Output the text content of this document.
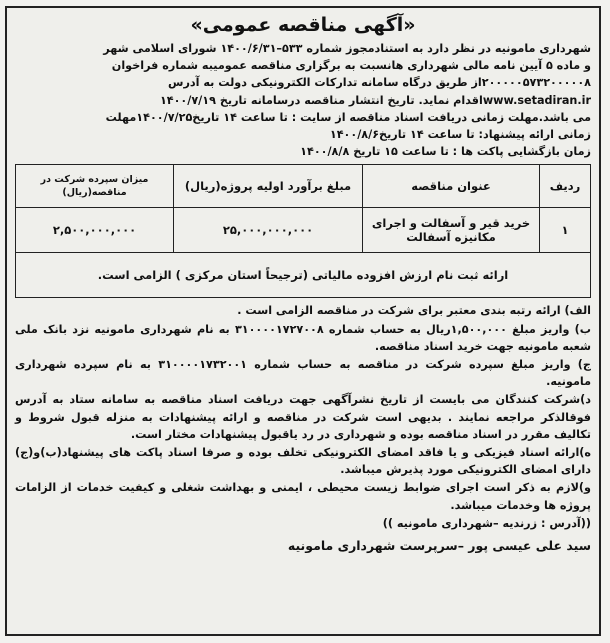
«آگهی مناقصه عمومی»
شهرداری مامونیه در نظر دارد به استنادمجوز شماره ۵۳۳–۱۴۰۰/۶/۳۱ شورای اسلامی شهر
و ماده ۵ آیین نامه مالی شهرداری هانسبت به برگزاری مناقصه عمومیبه شماره فراخوان
۲۰۰۰۰۰۵۷۳۲۰۰۰۰۰۸از طریق درگاه سامانه تدارکات الکترونیکی دولت به آدرس
www.setadiran.irاقدام نماید. تاریخ انتشار مناقصه درسامانه تاریخ ۱۴۰۰/۷/۱۹
می باشد.مهلت زمانی دریافت اسناد مناقصه از سایت : تا ساعت ۱۴ تاریخ۱۴۰۰/۷/۲۵مهلت
زمانی ارائه پیشنهاد: تا ساعت ۱۴ تاریخ۱۴۰۰/۸/۶
زمان بازگشایی پاکت ها : تا ساعت ۱۵ تاریخ ۱۴۰۰/۸/۸
ردیف	عنوان مناقصه	مبلغ برآورد اولیه پروژه(ریال)	میزان سپرده شرکت در مناقصه(ریال)
۱	خرید قیر و آسفالت و اجرای مکانیزه آسفالت	۲۵,۰۰۰,۰۰۰,۰۰۰	۲,۵۰۰,۰۰۰,۰۰۰
ارائه ثبت نام ارزش افزوده مالیاتی (ترجیحاً استان مرکزی ) الزامی است.			

الف) ارائه رتبه بندی معتبر برای شرکت در مناقصه الزامی است .

ب) واریز مبلغ ۱,۵۰۰,۰۰۰ریال به حساب شماره ۳۱۰۰۰۰۱۷۲۷۰۰۸ به نام شهرداری مامونیه نزد بانک ملی شعبه مامونیه جهت خرید اسناد مناقصه.

ج) واریز مبلغ سپرده شرکت در مناقصه به حساب شماره ۳۱۰۰۰۰۱۷۳۲۰۰۱ به نام سپرده شهرداری مامونیه.

د)شرکت کنندگان می بایست از تاریخ نشرآگهی جهت دریافت اسناد مناقصه به سامانه ستاد به آدرس فوقالذکر مراجعه نمایند . بدیهی است شرکت در مناقصه و ارائه پیشنهادات به منزله قبول شروط و تکالیف مقرر در اسناد مناقصه بوده و شهرداری در رد یاقبول پیشنهادات مختار است.

ه)ارائه اسناد فیزیکی و یا فاقد امضای الکترونیکی تخلف بوده و صرفا اسناد پاکت های پیشنهاد(ب)و(ج) دارای امضای الکترونیکی مورد پذیرش میباشد.

و)لازم به ذکر است اجرای ضوابط زیست محیطی ، ایمنی و بهداشت شغلی و کیفیت خدمات از الزامات پروژه ها وخدمات میباشد.

((آدرس : زرندیه –شهرداری مامونیه ))

سید علی عیسی پور –سرپرست شهرداری مامونیه
